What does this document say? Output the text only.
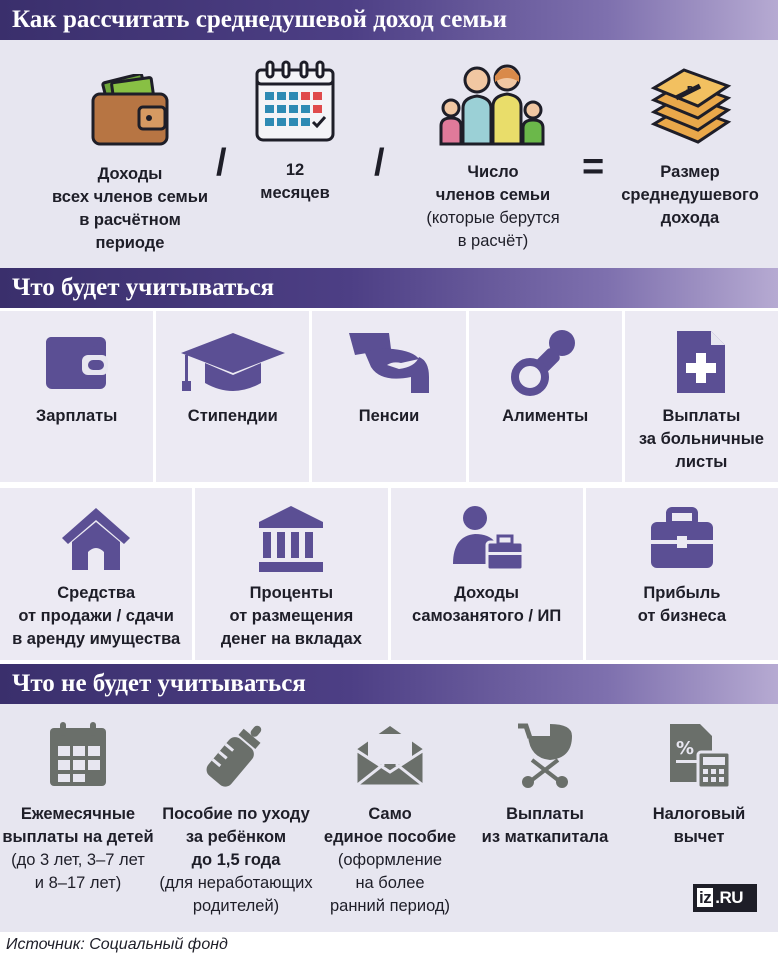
Как рассчитать среднедушевой доход семьи
Доходы
всех членов семьи
в расчётном периоде
/	12
месяцев
/	Число
членов семьи
(которые берутся
в расчёт)
=
₽
Размер
среднедушевого
дохода
Что будет учитываться
Зарплаты	Стипендии	Пенсии	Алименты	Выплаты
за больничные
листы
Средства
от продажи / сдачи
в аренду имущества
Проценты
от размещения
денег на вкладах
Доходы
самозанятого / ИП
Прибыль
от бизнеса
Что не будет учитываться
Ежемесячные
выплаты на детей
(до 3 лет, 3–7 лет
и 8–17 лет)
Пособие по уходу
за ребёнком
до 1,5 года
(для неработающих
родителей)
Само
единое пособие
(оформление
на более
ранний период)
Выплаты
из маткапитала
%
Налоговый
вычет
iz .RU
Источник: Социальный фонд
